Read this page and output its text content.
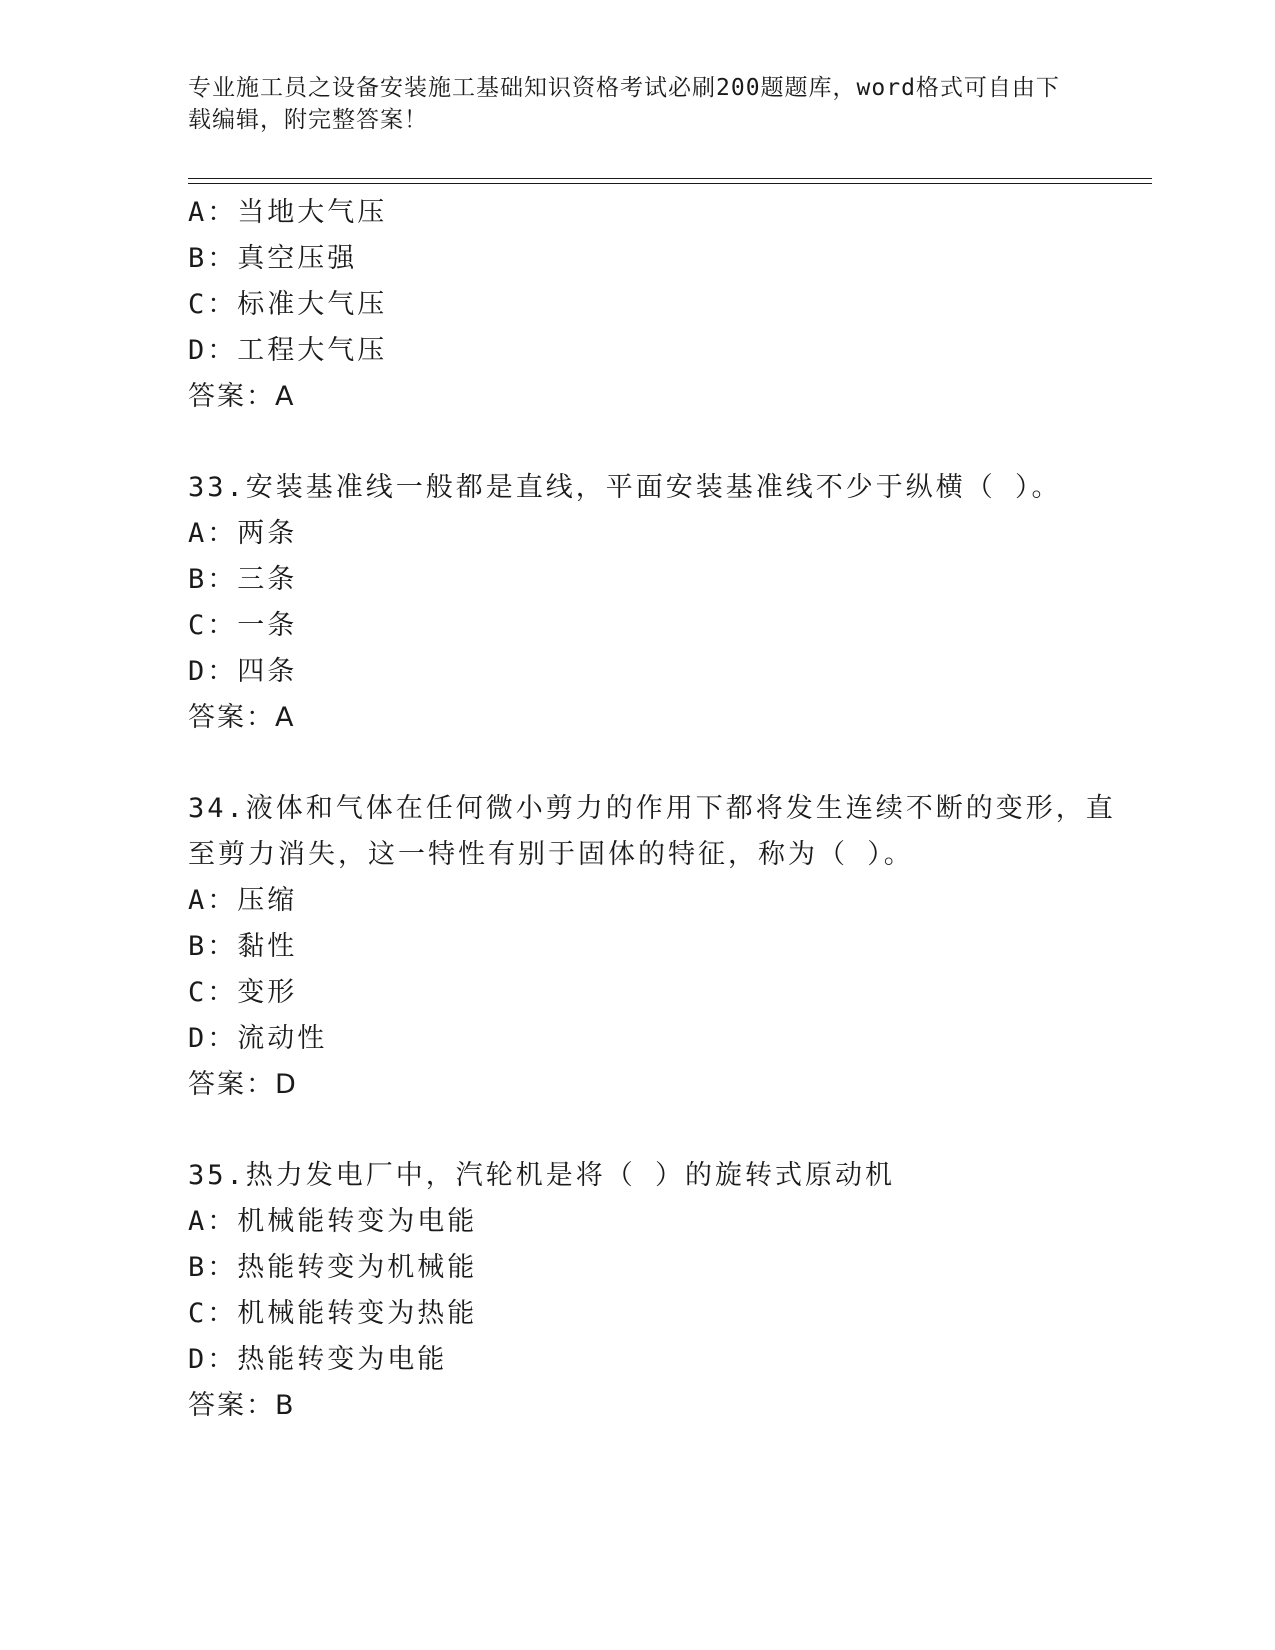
专业施工员之设备安装施工基础知识资格考试必刷200题题库，word格式可自由下载编辑，附完整答案！
A：当地大气压
B：真空压强
C：标准大气压
D：工程大气压
答案：A
33.安装基准线一般都是直线，平面安装基准线不少于纵横（ ）。
A：两条
B：三条
C：一条
D：四条
答案：A
34.液体和气体在任何微小剪力的作用下都将发生连续不断的变形，直
至剪力消失，这一特性有别于固体的特征，称为（ ）。
A：压缩
B：黏性
C：变形
D：流动性
答案：D
35.热力发电厂中，汽轮机是将（ ）的旋转式原动机
A：机械能转变为电能
B：热能转变为机械能
C：机械能转变为热能
D：热能转变为电能
答案：B
